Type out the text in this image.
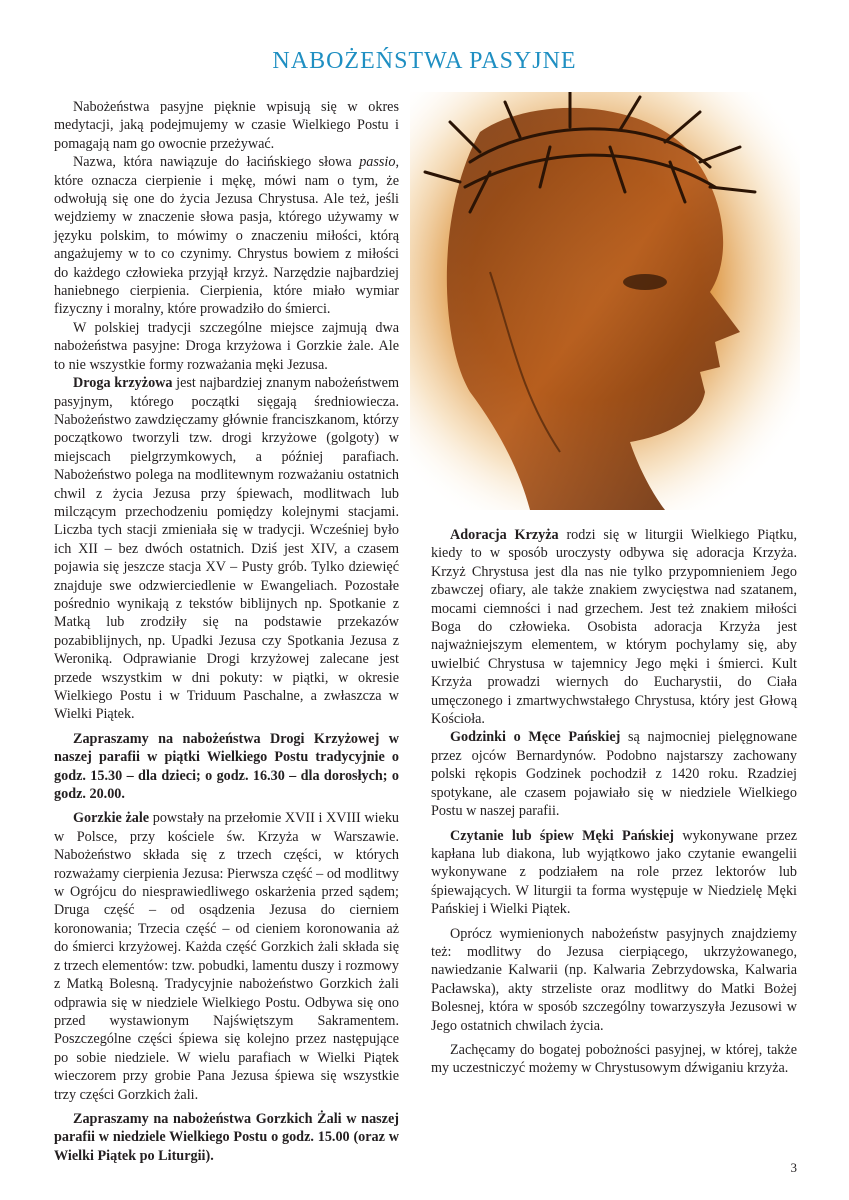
NABOŻEŃSTWA PASYJNE

Nabożeństwa pasyjne pięknie wpisują się w okres medytacji, jaką podejmujemy w czasie Wielkiego Postu i pomagają nam go owocnie przeżywać.

Nazwa, która nawiązuje do łacińskiego słowa passio, które oznacza cierpienie i mękę, mówi nam o tym, że odwołują się one do życia Jezusa Chrystusa. Ale też, jeśli wejdziemy w znaczenie słowa pasja, którego używamy w języku polskim, to mówimy o znaczeniu miłości, którą angażujemy w to co czynimy. Chrystus bowiem z miłości do każdego człowieka przyjął krzyż. Narzędzie najbardziej haniebnego cierpienia. Cierpienia, które miało wymiar fizyczny i moralny, które prowadziło do śmierci.

W polskiej tradycji szczególne miejsce zajmują dwa nabożeństwa pasyjne: Droga krzyżowa i Gorzkie żale. Ale to nie wszystkie formy rozważania męki Jezusa.

Droga krzyżowa jest najbardziej znanym nabożeństwem pasyjnym, którego początki sięgają średniowiecza. Nabożeństwo zawdzięczamy głównie franciszkanom, którzy początkowo tworzyli tzw. drogi krzyżowe (golgoty) w miejscach pielgrzymkowych, a później parafiach. Nabożeństwo polega na modlitewnym rozważaniu ostatnich chwil z życia Jezusa przy śpiewach, modlitwach lub milczącym przechodzeniu pomiędzy kolejnymi stacjami. Liczba tych stacji zmieniała się w tradycji. Wcześniej było ich XII – bez dwóch ostatnich. Dziś jest XIV, a czasem pojawia się jeszcze stacja XV – Pusty grób. Tylko dziewięć znajduje swe odzwierciedlenie w Ewangeliach. Pozostałe pośrednio wynikają z tekstów biblijnych np. Spotkanie z Matką lub zrodziły się na podstawie przekazów pozabiblijnych, np. Upadki Jezusa czy Spotkania Jezusa z Weroniką. Odprawianie Drogi krzyżowej zalecane jest przede wszystkim w dni pokuty: w piątki, w okresie Wielkiego Postu i w Triduum Paschalne, a zwłaszcza w Wielki Piątek.

Zapraszamy na nabożeństwa Drogi Krzyżowej w naszej parafii w piątki Wielkiego Postu tradycyjnie o godz. 15.30 – dla dzieci; o godz. 16.30 – dla dorosłych; o godz. 20.00.

Gorzkie żale powstały na przełomie XVII i XVIII wieku w Polsce, przy kościele św. Krzyża w Warszawie. Nabożeństwo składa się z trzech części, w których rozważamy cierpienia Jezusa: Pierwsza część – od modlitwy w Ogrójcu do niesprawiedliwego oskarżenia przed sądem; Druga część – od osądzenia Jezusa do cierniem koronowania; Trzecia część – od cieniem koronowania aż do śmierci krzyżowej. Każda część Gorzkich żali składa się z trzech elementów: tzw. pobudki, lamentu duszy i rozmowy z Matką Bolesną. Tradycyjnie nabożeństwo Gorzkich żali odprawia się w niedziele Wielkiego Postu. Odbywa się ono przed wystawionym Najświętszym Sakramentem. Poszczególne części śpiewa się kolejno przez następujące po sobie niedziele. W wielu parafiach w Wielki Piątek wieczorem przy grobie Pana Jezusa śpiewa się wszystkie trzy części Gorzkich żali.

Zapraszamy na nabożeństwa Gorzkich Żali w naszej parafii w niedziele Wielkiego Postu o godz. 15.00 (oraz w Wielki Piątek po Liturgii).

Adoracja Krzyża rodzi się w liturgii Wielkiego Piątku, kiedy to w sposób uroczysty odbywa się adoracja Krzyża. Krzyż Chrystusa jest dla nas nie tylko przypomnieniem Jego zbawczej ofiary, ale także znakiem zwycięstwa nad szatanem, mocami ciemności i nad grzechem. Jest też znakiem miłości Boga do człowieka. Osobista adoracja Krzyża jest najważniejszym elementem, w którym pochylamy się, aby uwielbić Chrystusa w tajemnicy Jego męki i śmierci. Kult Krzyża prowadzi wiernych do Eucharystii, do Ciała umęczonego i zmartwychwstałego Chrystusa, który jest Głową Kościoła.

Godzinki o Męce Pańskiej są najmocniej pielęgnowane przez ojców Bernardynów. Podobno najstarszy zachowany polski rękopis Godzinek pochodził z 1420 roku. Rzadziej spotykane, ale czasem pojawiało się w niedziele Wielkiego Postu w naszej parafii.

Czytanie lub śpiew Męki Pańskiej wykonywane przez kapłana lub diakona, lub wyjątkowo jako czytanie ewangelii wykonywane z podziałem na role przez lektorów lub śpiewających. W liturgii ta forma występuje w Niedzielę Męki Pańskiej i Wielki Piątek.

Oprócz wymienionych nabożeństw pasyjnych znajdziemy też: modlitwy do Jezusa cierpiącego, ukrzyżowanego, nawiedzanie Kalwarii (np. Kalwaria Zebrzydowska, Kalwaria Pacławska), akty strzeliste oraz modlitwy do Matki Bożej Bolesnej, która w sposób szczególny towarzyszyła Jezusowi w Jego ostatnich chwilach życia.

Zachęcamy do bogatej pobożności pasyjnej, w której, także my uczestniczyć możemy w Chrystusowym dźwiganiu krzyża.

3
